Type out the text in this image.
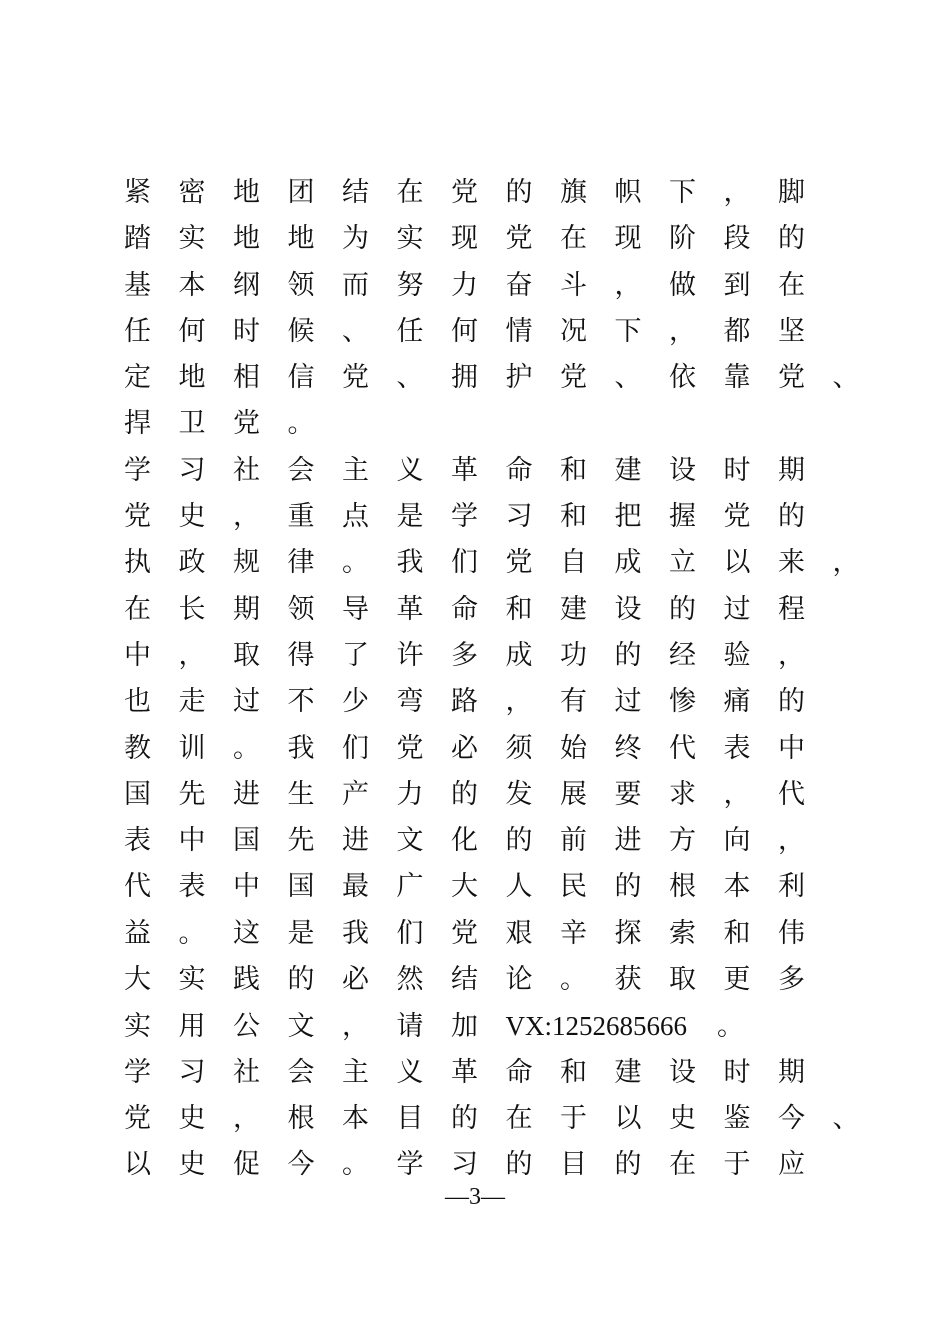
紧 密 地 团 结 在 党 的 旗 帜 下 ， 脚
踏 实 地 地 为 实 现 党 在 现 阶 段 的
基 本 纲 领 而 努 力 奋 斗 ， 做 到 在
任 何 时 候 、 任 何 情 况 下 ， 都 坚
定 地 相 信 党 、 拥 护 党 、 依 靠 党 、
捍 卫 党 。
学 习 社 会 主 义 革 命 和 建 设 时 期
党 史 ， 重 点 是 学 习 和 把 握 党 的
执 政 规 律 。 我 们 党 自 成 立 以 来 ，
在 长 期 领 导 革 命 和 建 设 的 过 程
中 ， 取 得 了 许 多 成 功 的 经 验 ，
也 走 过 不 少 弯 路 ， 有 过 惨 痛 的
教 训 。 我 们 党 必 须 始 终 代 表 中
国 先 进 生 产 力 的 发 展 要 求 ， 代
表 中 国 先 进 文 化 的 前 进 方 向 ，
代 表 中 国 最 广 大 人 民 的 根 本 利
益 。 这 是 我 们 党 艰 辛 探 索 和 伟
大 实 践 的 必 然 结 论 。 获 取 更 多
实 用 公 文 ， 请 加 VX:1252685666 。
学 习 社 会 主 义 革 命 和 建 设 时 期
党 史 ， 根 本 目 的 在 于 以 史 鉴 今 、
以 史 促 今 。 学 习 的 目 的 在 于 应
—3—
